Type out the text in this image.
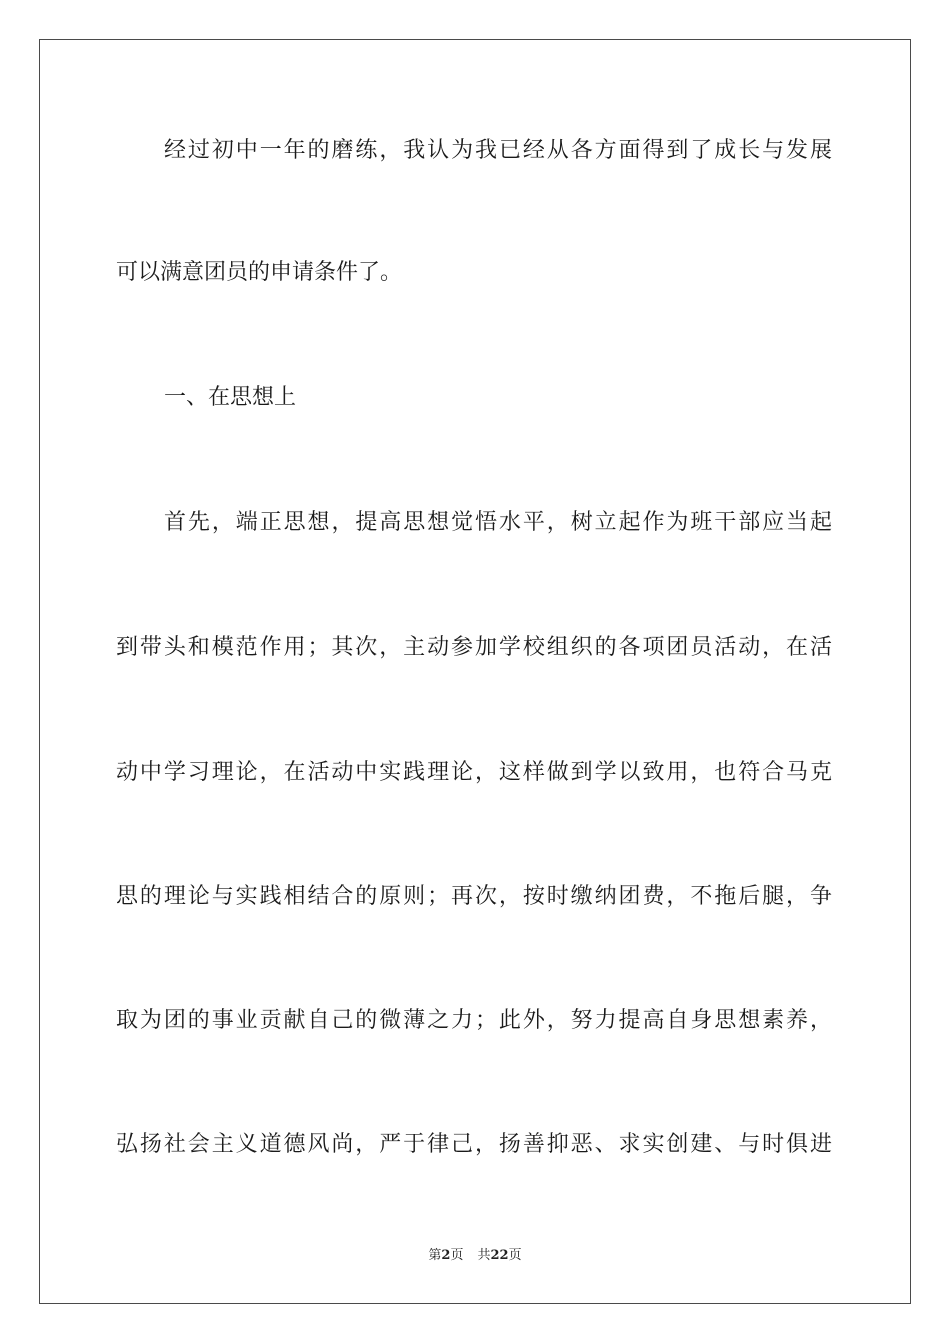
经过初中一年的磨练，我认为我已经从各方面得到了成长与发展
可以满意团员的申请条件了。
一、在思想上
首先，端正思想，提高思想觉悟水平，树立起作为班干部应当起
到带头和模范作用；其次，主动参加学校组织的各项团员活动，在活
动中学习理论，在活动中实践理论，这样做到学以致用，也符合马克
思的理论与实践相结合的原则；再次，按时缴纳团费，不拖后腿，争
取为团的事业贡献自己的微薄之力；此外，努力提高自身思想素养，
弘扬社会主义道德风尚，严于律己，扬善抑恶、求实创建、与时俱进
第2页 共22页
